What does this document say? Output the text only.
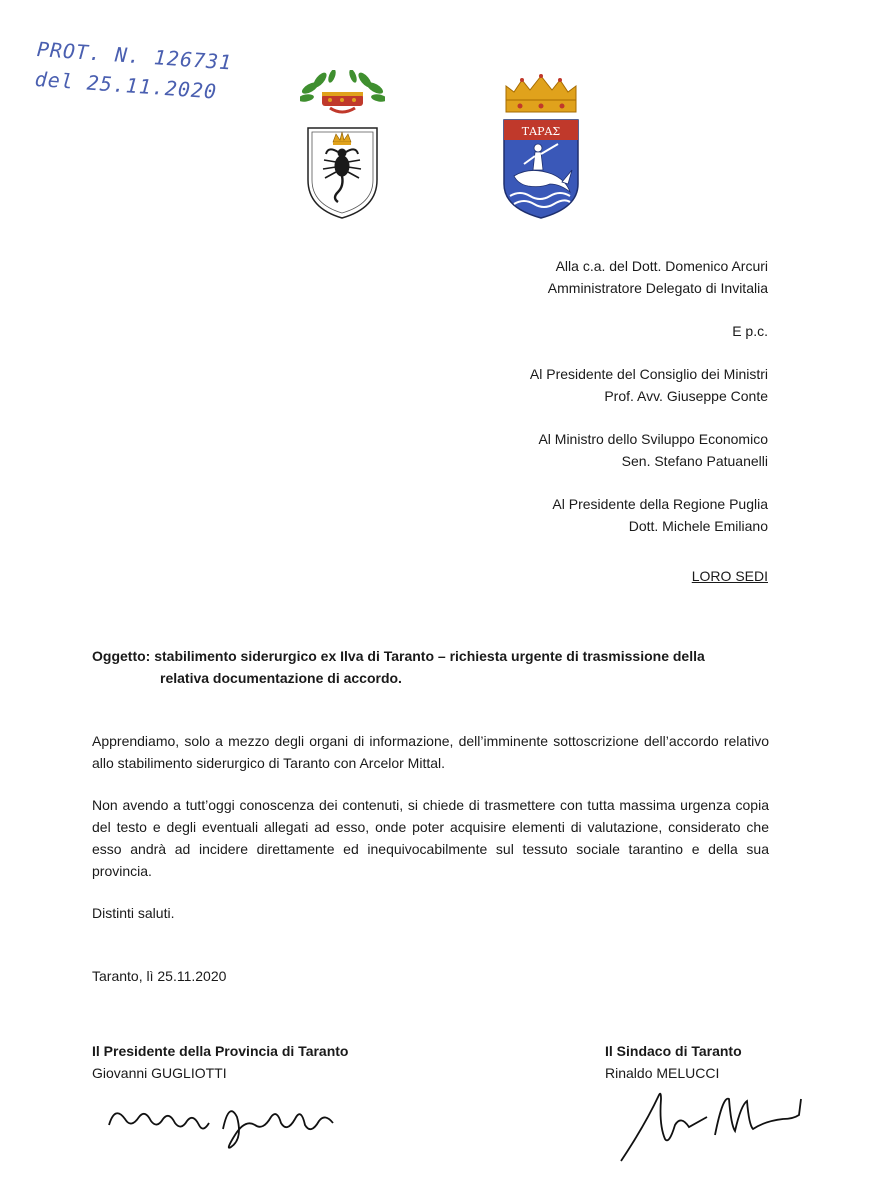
PROT. N. 126731
del 25.11.2020
ΤΑΡΑΣ
Alla c.a. del Dott. Domenico Arcuri
Amministratore Delegato di Invitalia
E p.c.
Al Presidente del Consiglio dei Ministri
Prof. Avv. Giuseppe Conte
Al Ministro dello Sviluppo Economico
Sen. Stefano Patuanelli
Al Presidente della Regione Puglia
Dott. Michele Emiliano
LORO SEDI
Oggetto: stabilimento siderurgico ex Ilva di Taranto – richiesta urgente di trasmissione della
relativa documentazione di accordo.

Apprendiamo, solo a mezzo degli organi di informazione, dell’imminente sottoscrizione dell’accordo relativo allo stabilimento siderurgico di Taranto con Arcelor Mittal.

Non avendo a tutt’oggi conoscenza dei contenuti, si chiede di trasmettere con tutta massima urgenza copia del testo e degli eventuali allegati ad esso, onde poter acquisire elementi di valutazione, considerato che esso andrà ad incidere direttamente ed inequivocabilmente sul tessuto sociale tarantino e della sua provincia.

Distinti saluti.

Taranto, lì 25.11.2020
Il Presidente della Provincia di Taranto
Giovanni GUGLIOTTI
Il Sindaco di Taranto
Rinaldo MELUCCI
